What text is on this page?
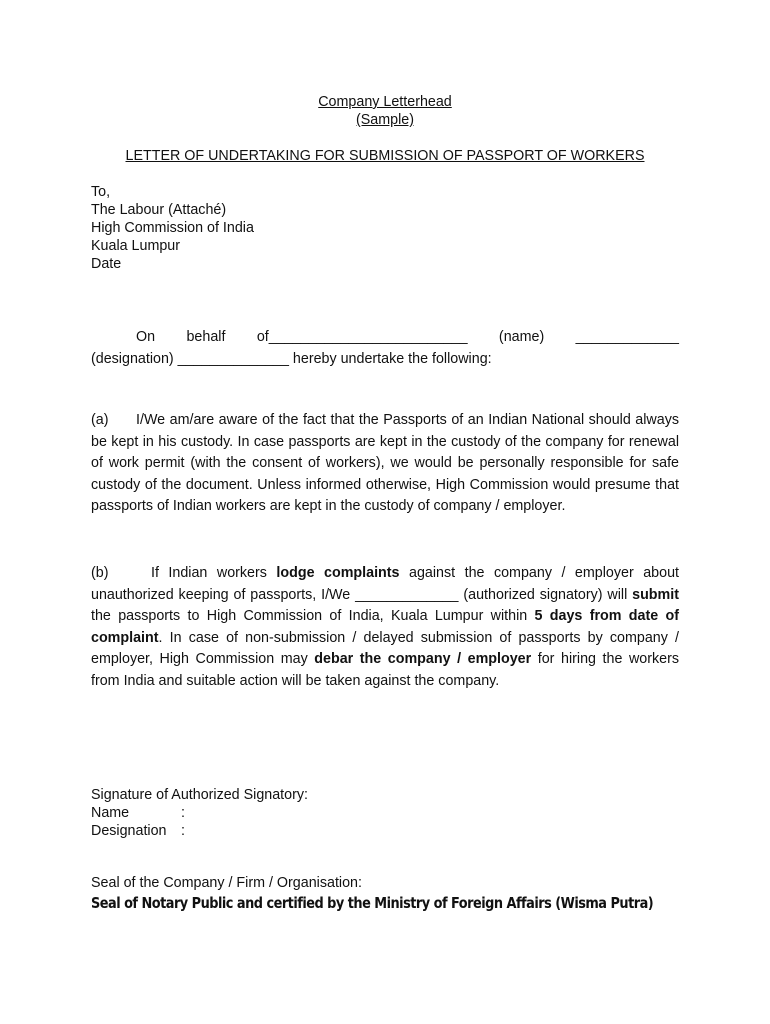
Company Letterhead
(Sample)
LETTER OF UNDERTAKING FOR SUBMISSION OF PASSPORT OF WORKERS
To,
The Labour (Attaché)
High Commission of India
Kuala Lumpur
Date
On behalf of_________________________ (name) _____________
(designation) ______________ hereby undertake the following:
(a) I/We am/are aware of the fact that the Passports of an Indian National should always be kept in his custody. In case passports are kept in the custody of the company for renewal of work permit (with the consent of workers), we would be personally responsible for safe custody of the document. Unless informed otherwise, High Commission would presume that passports of Indian workers are kept in the custody of company / employer.
(b)	If Indian workers lodge complaints against the company / employer about unauthorized keeping of passports, I/We _____________ (authorized signatory) will submit the passports to High Commission of India, Kuala Lumpur within 5 days from date of complaint. In case of non-submission / delayed submission of passports by company / employer, High Commission may debar the company / employer for hiring the workers from India and suitable action will be taken against the company.
Signature of Authorized Signatory:
Name	:
Designation :
Seal of the Company / Firm / Organisation:
Seal of Notary Public and certified by the Ministry of Foreign Affairs (Wisma Putra)
